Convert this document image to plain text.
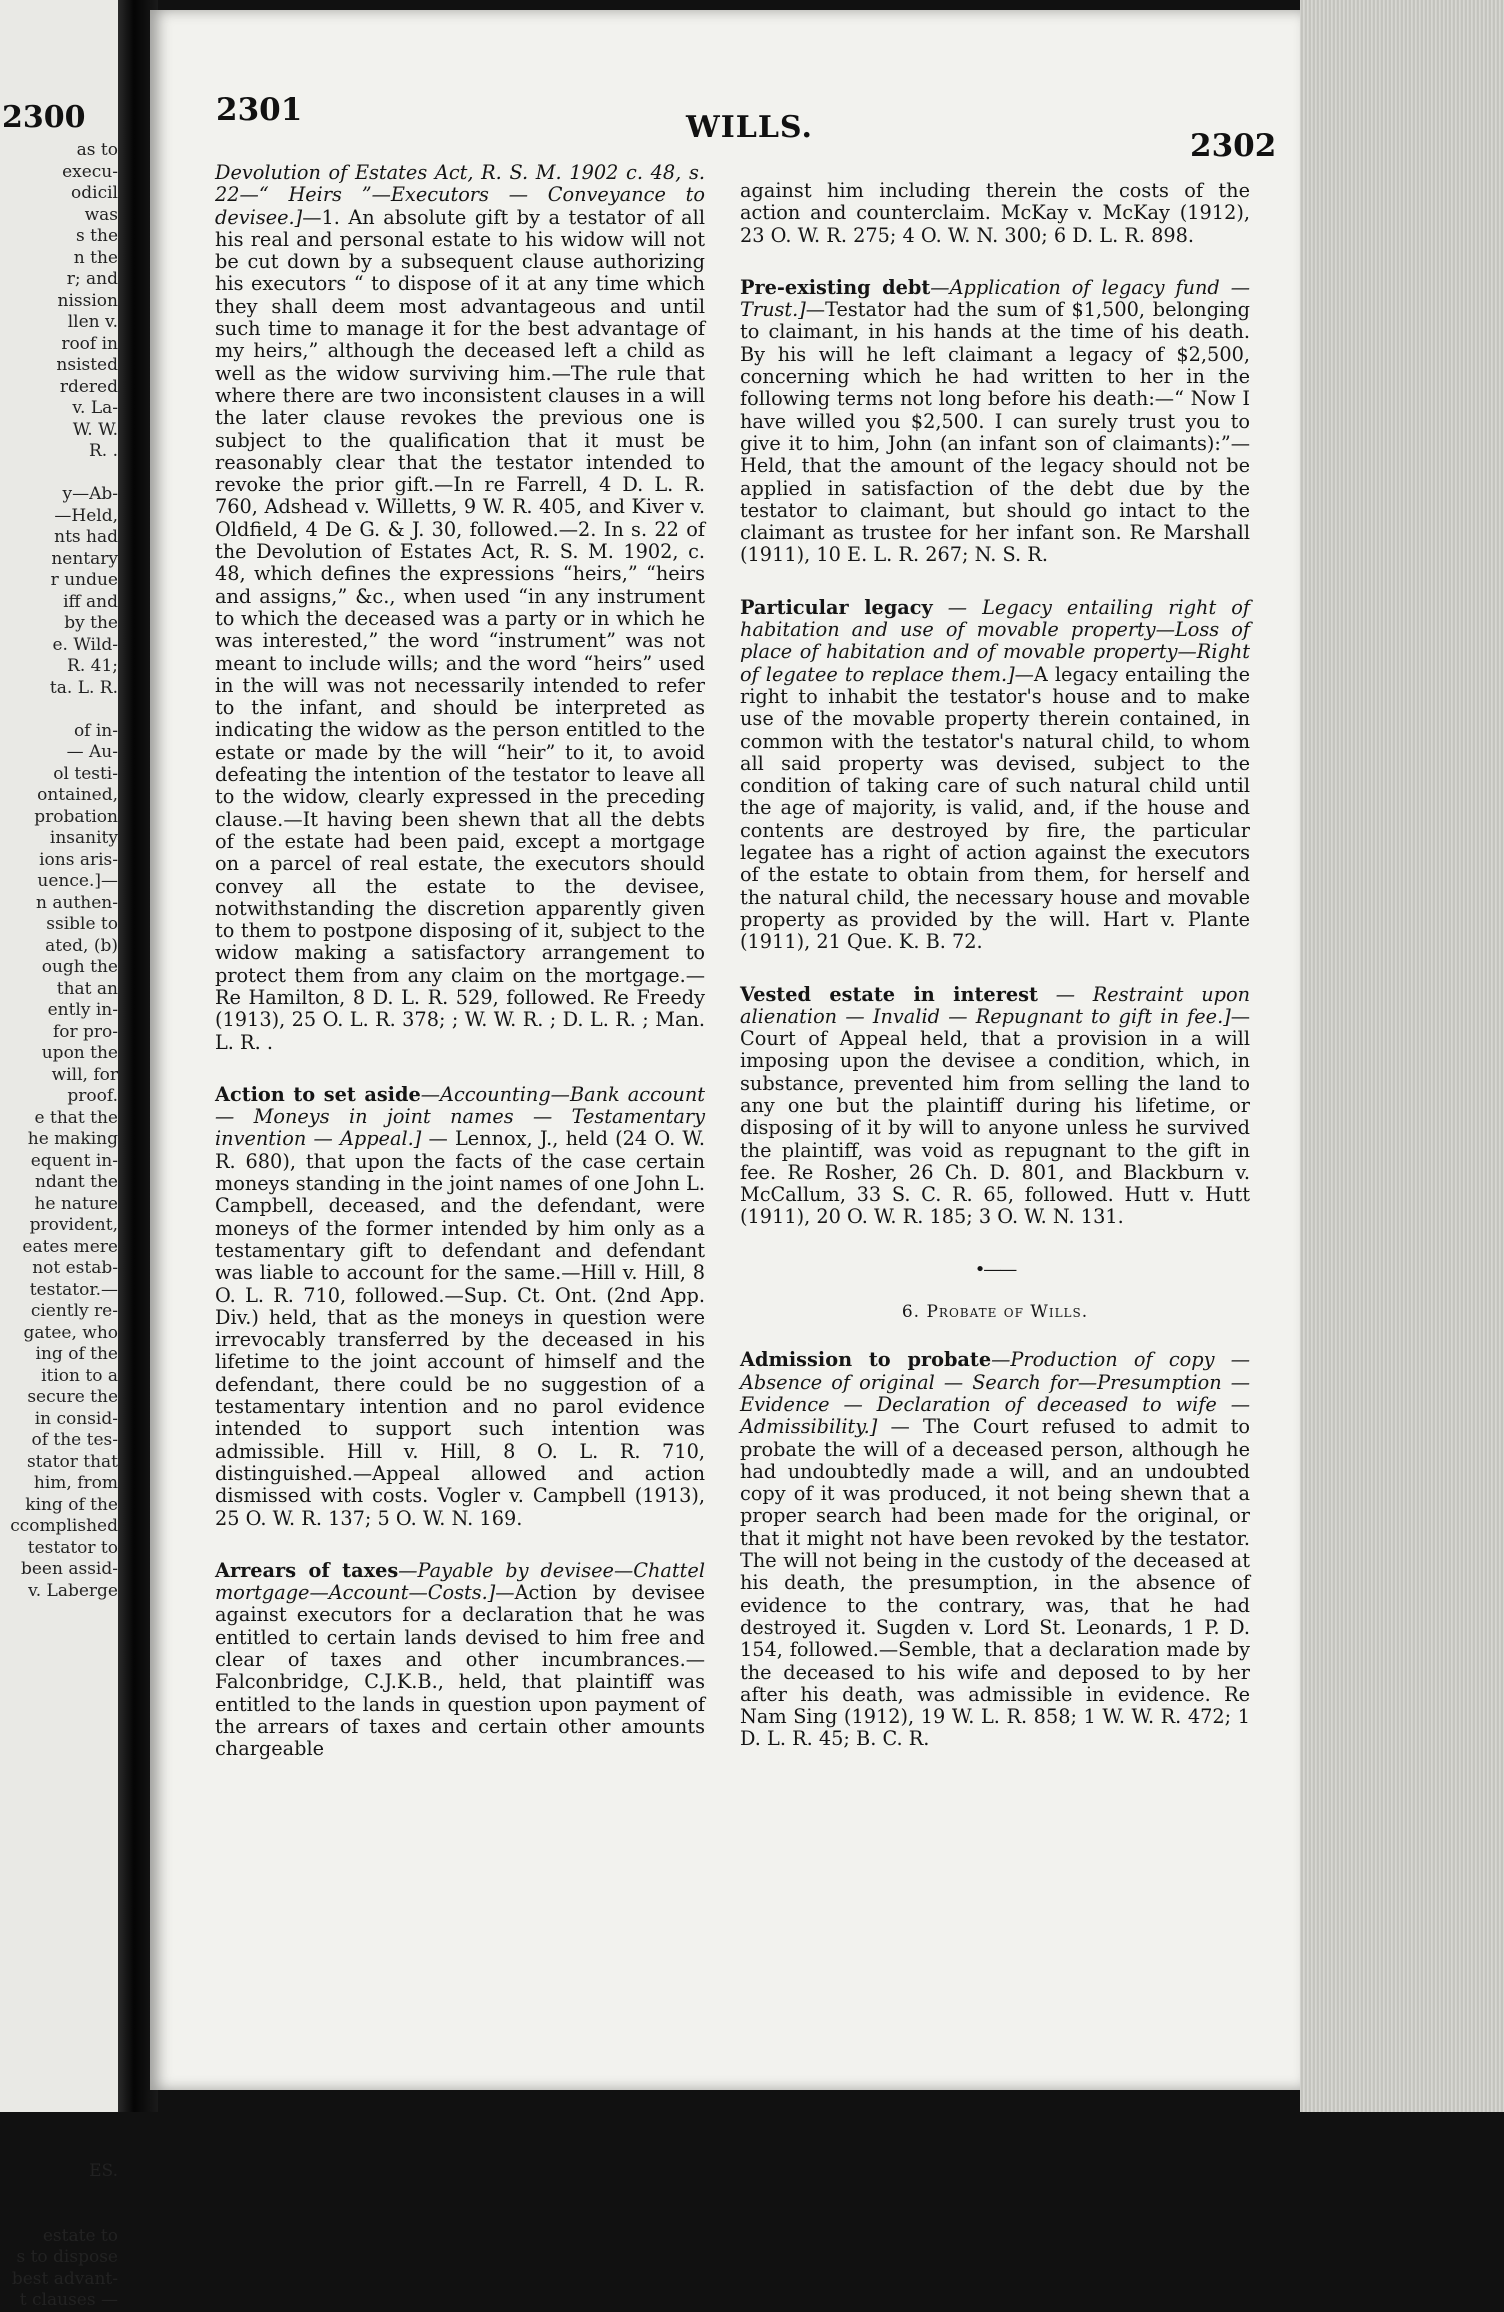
2300
as to
execu-
odicil
was
s the
n the
r; and
nission
llen v.
roof in
nsisted
rdered
v. La-
W. W.
R. .
y—Ab-
—Held,
nts had
nentary
r undue
iff and
by the
e. Wild-
R. 41;
ta. L. R.
of in-
— Au-
ol testi-
ontained,
probation
insanity
ions aris-
uence.]—
n authen-
ssible to
ated, (b)
ough the
that an
ently in-
for pro-
upon the
will, for
proof.
e that the
he making
equent in-
ndant the
he nature
provident,
eates mere
not estab-
testator.—
ciently re-
gatee, who
ing of the
ition to a
secure the
in consid-
of the tes-
stator that
him, from
king of the
ccomplished
testator to
been assid-
v. Laberge
ES.
estate to
s to dispose
best advant-
t clauses —
2301	WILLS.
2302

Devolution of Estates Act, R. S. M. 1902 c. 48, s. 22—“ Heirs ”—Executors — Conveyance to devisee.]—1. An absolute gift by a testator of all his real and personal estate to his widow will not be cut down by a subsequent clause authorizing his executors “ to dispose of it at any time which they shall deem most advantageous and until such time to manage it for the best advantage of my heirs,” although the deceased left a child as well as the widow surviving him.—The rule that where there are two inconsistent clauses in a will the later clause revokes the previous one is subject to the qualification that it must be reasonably clear that the testator intended to revoke the prior gift.—In re Farrell, 4 D. L. R. 760, Adshead v. Willetts, 9 W. R. 405, and Kiver v. Oldfield, 4 De G. & J. 30, followed.—2. In s. 22 of the Devolution of Estates Act, R. S. M. 1902, c. 48, which defines the expressions “heirs,” “heirs and assigns,” &c., when used “in any instrument to which the deceased was a party or in which he was interested,” the word “instrument” was not meant to include wills; and the word “heirs” used in the will was not necessarily intended to refer to the infant, and should be interpreted as indicating the widow as the person entitled to the estate or made by the will “heir” to it, to avoid defeating the intention of the testator to leave all to the widow, clearly expressed in the preceding clause.—It having been shewn that all the debts of the estate had been paid, except a mortgage on a parcel of real estate, the executors should convey all the estate to the devisee, notwithstanding the discretion apparently given to them to postpone disposing of it, subject to the widow making a satisfactory arrangement to protect them from any claim on the mortgage.—Re Hamilton, 8 D. L. R. 529, followed. Re Freedy (1913), 25 O. L. R. 378; ; W. W. R. ; D. L. R. ; Man. L. R. .

Action to set aside—Accounting—Bank account — Moneys in joint names — Testamentary invention — Appeal.] — Lennox, J., held (24 O. W. R. 680), that upon the facts of the case certain moneys standing in the joint names of one John L. Campbell, deceased, and the defendant, were moneys of the former intended by him only as a testamentary gift to defendant and defendant was liable to account for the same.—Hill v. Hill, 8 O. L. R. 710, followed.—Sup. Ct. Ont. (2nd App. Div.) held, that as the moneys in question were irrevocably transferred by the deceased in his lifetime to the joint account of himself and the defendant, there could be no suggestion of a testamentary intention and no parol evidence intended to support such intention was admissible. Hill v. Hill, 8 O. L. R. 710, distinguished.—Appeal allowed and action dismissed with costs. Vogler v. Campbell (1913), 25 O. W. R. 137; 5 O. W. N. 169.

Arrears of taxes—Payable by devisee—Chattel mortgage—Account—Costs.]—Action by devisee against executors for a declaration that he was entitled to certain lands devised to him free and clear of taxes and other incumbrances.—Falconbridge, C.J.K.B., held, that plaintiff was entitled to the lands in question upon payment of the arrears of taxes and certain other amounts chargeable

against him including therein the costs of the action and counterclaim. McKay v. McKay (1912), 23 O. W. R. 275; 4 O. W. N. 300; 6 D. L. R. 898.

Pre-existing debt—Application of legacy fund — Trust.]—Testator had the sum of $1,500, belonging to claimant, in his hands at the time of his death. By his will he left claimant a legacy of $2,500, concerning which he had written to her in the following terms not long before his death:—“ Now I have willed you $2,500. I can surely trust you to give it to him, John (an infant son of claimants):”—Held, that the amount of the legacy should not be applied in satisfaction of the debt due by the testator to claimant, but should go intact to the claimant as trustee for her infant son. Re Marshall (1911), 10 E. L. R. 267; N. S. R.

Particular legacy — Legacy entailing right of habitation and use of movable property—Loss of place of habitation and of movable property—Right of legatee to replace them.]—A legacy entailing the right to inhabit the testator's house and to make use of the movable property therein contained, in common with the testator's natural child, to whom all said property was devised, subject to the condition of taking care of such natural child until the age of majority, is valid, and, if the house and contents are destroyed by fire, the particular legatee has a right of action against the executors of the estate to obtain from them, for herself and the natural child, the necessary house and movable property as provided by the will. Hart v. Plante (1911), 21 Que. K. B. 72.

Vested estate in interest — Restraint upon alienation — Invalid — Repugnant to gift in fee.]—Court of Appeal held, that a provision in a will imposing upon the devisee a condition, which, in substance, prevented him from selling the land to any one but the plaintiff during his lifetime, or disposing of it by will to anyone unless he survived the plaintiff, was void as repugnant to the gift in fee. Re Rosher, 26 Ch. D. 801, and Blackburn v. McCallum, 33 S. C. R. 65, followed. Hutt v. Hutt (1911), 20 O. W. R. 185; 3 O. W. N. 131.

•——
6. Probate of Wills.

Admission to probate—Production of copy — Absence of original — Search for—Presumption — Evidence — Declaration of deceased to wife — Admissibility.] — The Court refused to admit to probate the will of a deceased person, although he had undoubtedly made a will, and an undoubted copy of it was produced, it not being shewn that a proper search had been made for the original, or that it might not have been revoked by the testator. The will not being in the custody of the deceased at his death, the presumption, in the absence of evidence to the contrary, was, that he had destroyed it. Sugden v. Lord St. Leonards, 1 P. D. 154, followed.—Semble, that a declaration made by the deceased to his wife and deposed to by her after his death, was admissible in evidence. Re Nam Sing (1912), 19 W. L. R. 858; 1 W. W. R. 472; 1 D. L. R. 45; B. C. R.
